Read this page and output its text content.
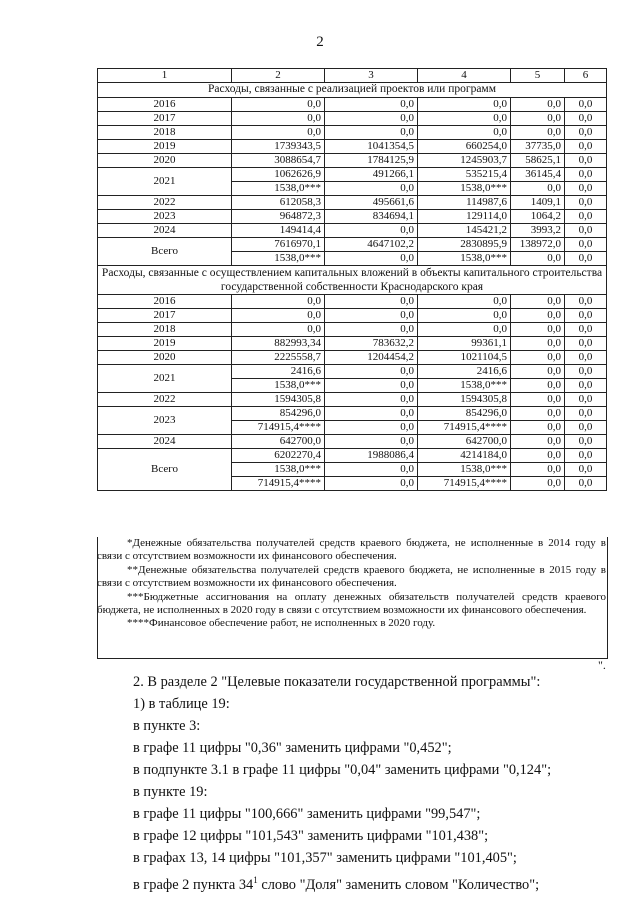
2
1	2	3	4	5	6
Расходы, связанные с реализацией проектов или программ					
2016	0,0	0,0	0,0	0,0	0,0
2017	0,0	0,0	0,0	0,0	0,0
2018	0,0	0,0	0,0	0,0	0,0
2019	1739343,5	1041354,5	660254,0	37735,0	0,0
2020	3088654,7	1784125,9	1245903,7	58625,1	0,0
2021	1062626,9	491266,1	535215,4	36145,4	0,0
	1538,0***	0,0	1538,0***	0,0	0,0
2022	612058,3	495661,6	114987,6	1409,1	0,0
2023	964872,3	834694,1	129114,0	1064,2	0,0
2024	149414,4	0,0	145421,2	3993,2	0,0
Всего	7616970,1	4647102,2	2830895,9	138972,0	0,0
	1538,0***	0,0	1538,0***	0,0	0,0
Расходы, связанные с осуществлением капитальных вложений в объекты капитального строительства государственной собственности Краснодарского края					
2016	0,0	0,0	0,0	0,0	0,0
2017	0,0	0,0	0,0	0,0	0,0
2018	0,0	0,0	0,0	0,0	0,0
2019	882993,34	783632,2	99361,1	0,0	0,0
2020	2225558,7	1204454,2	1021104,5	0,0	0,0
2021	2416,6	0,0	2416,6	0,0	0,0
	1538,0***	0,0	1538,0***	0,0	0,0
2022	1594305,8	0,0	1594305,8	0,0	0,0
2023	854296,0	0,0	854296,0	0,0	0,0
	714915,4****	0,0	714915,4****	0,0	0,0
2024	642700,0	0,0	642700,0	0,0	0,0
Всего	6202270,4	1988086,4	4214184,0	0,0	0,0
	1538,0***	0,0	1538,0***	0,0	0,0
	714915,4****	0,0	714915,4****	0,0	0,0

*Денежные обязательства получателей средств краевого бюджета, не исполненные в 2014 году в связи с отсутствием возможности их финансового обеспечения.

**Денежные обязательства получателей средств краевого бюджета, не исполненные в 2015 году в связи с отсутствием возможности их финансового обеспечения.

***Бюджетные ассигнования на оплату денежных обязательств получателей средств краевого бюджета, не исполненных в 2020 году в связи с отсутствием возможности их финансового обеспечения.

****Финансовое обеспечение работ, не исполненных в 2020 году.

".
2. В разделе 2 "Целевые показатели государственной программы":
1) в таблице 19:
в пункте 3:
в графе 11 цифры "0,36" заменить цифрами "0,452";
в подпункте 3.1 в графе 11 цифры "0,04" заменить цифрами "0,124";
в пункте 19:
в графе 11 цифры "100,666" заменить цифрами "99,547";
в графе 12 цифры "101,543" заменить цифрами "101,438";
в графах 13, 14 цифры "101,357" заменить цифрами "101,405";
в графе 2 пункта $34^1$ слово "Доля" заменить словом "Количество";
